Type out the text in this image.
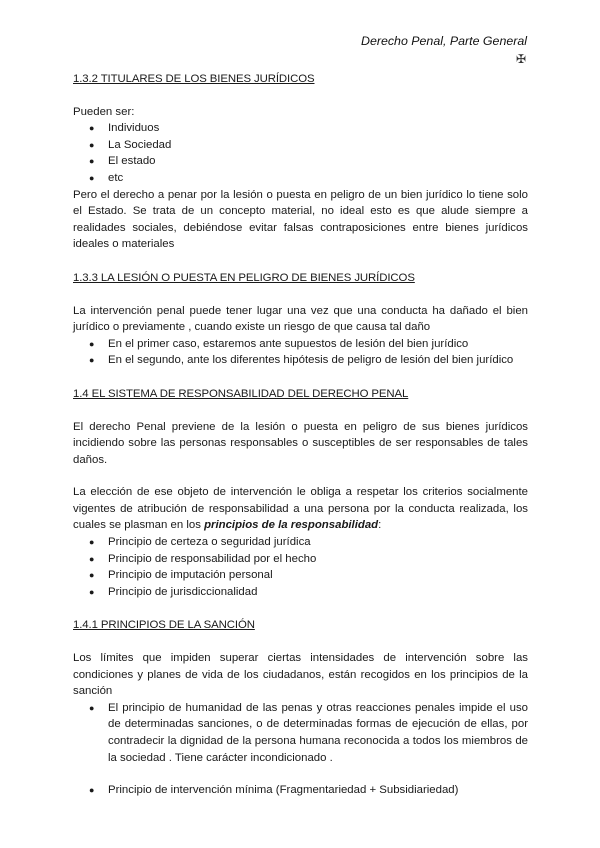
Derecho Penal, Parte General
✠
1.3.2 TITULARES DE LOS BIENES JURÍDICOS

Pueden ser:

● Individuos
● La Sociedad
● El estado
● etc

Pero el derecho a penar por la lesión o puesta en peligro de un bien jurídico lo tiene solo el Estado. Se trata de un concepto material, no ideal esto es que alude siempre a realidades sociales, debiéndose evitar falsas contraposiciones entre bienes jurídicos ideales o materiales

1.3.3 LA LESIÓN O PUESTA EN PELIGRO DE BIENES JURÍDICOS

La intervención penal puede tener lugar una vez que una conducta ha dañado el bien jurídico o previamente , cuando existe un riesgo de que causa tal daño

● En el primer caso, estaremos ante supuestos de lesión del bien jurídico
● En el segundo, ante los diferentes hipótesis de peligro de lesión del bien jurídico
1.4 EL SISTEMA DE RESPONSABILIDAD DEL DERECHO PENAL

El derecho Penal previene de la lesión o puesta en peligro de sus bienes jurídicos incidiendo sobre las personas responsables o susceptibles de ser responsables de tales daños.

La elección de ese objeto de intervención le obliga a respetar los criterios socialmente vigentes de atribución de responsabilidad a una persona por la conducta realizada, los cuales se plasman en los principios de la responsabilidad:

● Principio de certeza o seguridad jurídica
● Principio de responsabilidad por el hecho
● Principio de imputación personal
● Principio de jurisdiccionalidad
1.4.1 PRINCIPIOS DE LA SANCIÓN

Los límites que impiden superar ciertas intensidades de intervención sobre las condiciones y planes de vida de los ciudadanos, están recogidos en los principios de la sanción

● El principio de humanidad de las penas y otras reacciones penales impide el uso de determinadas sanciones, o de determinadas formas de ejecución de ellas, por contradecir la dignidad de la persona humana reconocida a todos los miembros de la sociedad . Tiene carácter incondicionado .
● Principio de intervención mínima (Fragmentariedad + Subsidiariedad)
